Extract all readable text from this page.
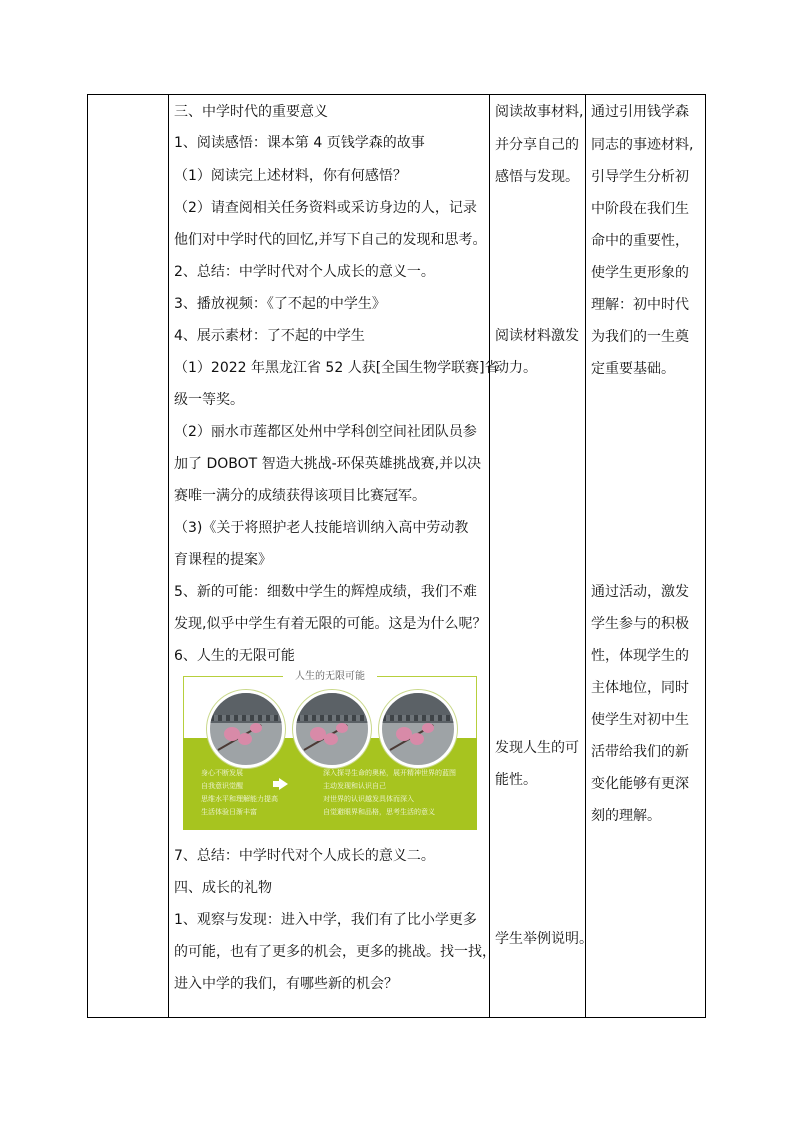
三、中学时代的重要意义
1、阅读感悟：课本第 4 页钱学森的故事
（1）阅读完上述材料，你有何感悟？
（2）请查阅相关任务资料或采访身边的人，记录
他们对中学时代的回忆,并写下自己的发现和思考。
2、总结：中学时代对个人成长的意义一。
3、播放视频：《了不起的中学生》
4、展示素材：了不起的中学生
（1）2022 年黑龙江省 52 人获[全国生物学联赛]省
级一等奖。
（2）丽水市莲都区处州中学科创空间社团队员参
加了 DOBOT 智造大挑战-环保英雄挑战赛,并以决
赛唯一满分的成绩获得该项目比赛冠军。
（3)《关于将照护老人技能培训纳入高中劳动教
育课程的提案》
5、新的可能：细数中学生的辉煌成绩，我们不难
发现,似乎中学生有着无限的可能。这是为什么呢？
6、人生的无限可能
7、总结：中学时代对个人成长的意义二。
四、成长的礼物
1、观察与发现：进入中学，我们有了比小学更多
的可能，也有了更多的机会，更多的挑战。找一找，
进入中学的我们，有哪些新的机会？
阅读故事材料,
并分享自己的
感悟与发现。
阅读材料激发
动力。
发现人生的可
能性。
学生举例说明。
通过引用钱学森
同志的事迹材料,
引导学生分析初
中阶段在我们生
命中的重要性，
使学生更形象的
理解：初中时代
为我们的一生奠
定重要基础。
通过活动，激发
学生参与的积极
性，体现学生的
主体地位，同时
使学生对初中生
活带给我们的新
变化能够有更深
刻的理解。
人生的无限可能
身心不断发展
自我意识觉醒
思维水平和理解能力提高
生活体验日渐丰富
深入探寻生命的奥秘，展开精神世界的蓝图
主动发现和认识自己
对世界的认识越发具体而深入
自觉避眼界和品格，思考生活的意义
